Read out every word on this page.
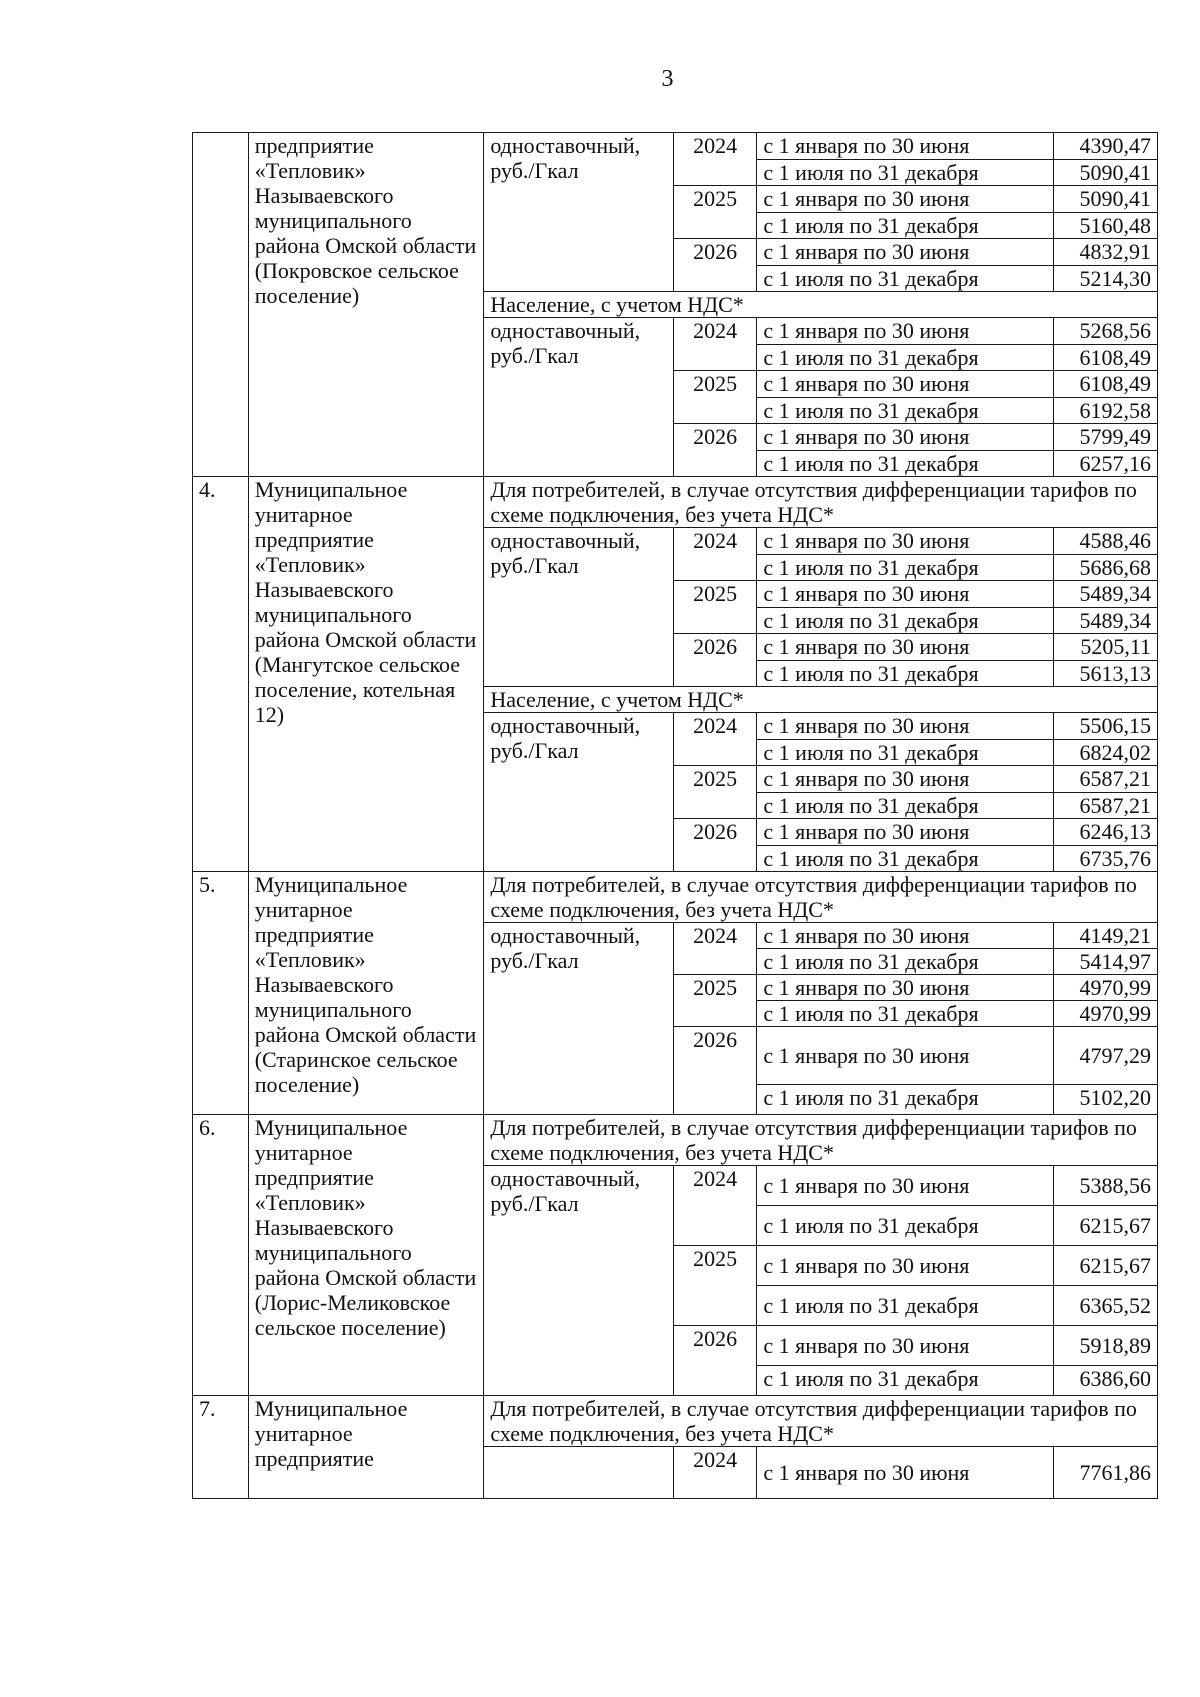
3
	предприятие «Тепловик» Называевского муниципального района Омской области (Покровское сельское поселение)	одноставочный, руб./Гкал	2024	с 1 января по 30 июня	4390,47
				с 1 июля по 31 декабря	5090,41
			2025	с 1 января по 30 июня	5090,41
				с 1 июля по 31 декабря	5160,48
			2026	с 1 января по 30 июня	4832,91
				с 1 июля по 31 декабря	5214,30
		Население, с учетом НДС*			
		одноставочный, руб./Гкал	2024	с 1 января по 30 июня	5268,56
				с 1 июля по 31 декабря	6108,49
			2025	с 1 января по 30 июня	6108,49
				с 1 июля по 31 декабря	6192,58
			2026	с 1 января по 30 июня	5799,49
				с 1 июля по 31 декабря	6257,16
4.	Муниципальное унитарное предприятие «Тепловик» Называевского муниципального района Омской области (Мангутское сельское поселение, котельная 12)	Для потребителей, в случае отсутствия дифференциации тарифов по схеме подключения, без учета НДС*			
		одноставочный, руб./Гкал	2024	с 1 января по 30 июня	4588,46
				с 1 июля по 31 декабря	5686,68
			2025	с 1 января по 30 июня	5489,34
				с 1 июля по 31 декабря	5489,34
			2026	с 1 января по 30 июня	5205,11
				с 1 июля по 31 декабря	5613,13
		Население, с учетом НДС*			
		одноставочный, руб./Гкал	2024	с 1 января по 30 июня	5506,15
				с 1 июля по 31 декабря	6824,02
			2025	с 1 января по 30 июня	6587,21
				с 1 июля по 31 декабря	6587,21
			2026	с 1 января по 30 июня	6246,13
				с 1 июля по 31 декабря	6735,76
5.	Муниципальное унитарное предприятие «Тепловик» Называевского муниципального района Омской области (Старинское сельское поселение)	Для потребителей, в случае отсутствия дифференциации тарифов по схеме подключения, без учета НДС*			
		одноставочный, руб./Гкал	2024	с 1 января по 30 июня	4149,21
				с 1 июля по 31 декабря	5414,97
			2025	с 1 января по 30 июня	4970,99
				с 1 июля по 31 декабря	4970,99
			2026	с 1 января по 30 июня	4797,29
				с 1 июля по 31 декабря	5102,20
6.	Муниципальное унитарное предприятие «Тепловик» Называевского муниципального района Омской области (Лорис-Меликовское сельское поселение)	Для потребителей, в случае отсутствия дифференциации тарифов по схеме подключения, без учета НДС*			
		одноставочный, руб./Гкал	2024	с 1 января по 30 июня	5388,56
				с 1 июля по 31 декабря	6215,67
			2025	с 1 января по 30 июня	6215,67
				с 1 июля по 31 декабря	6365,52
			2026	с 1 января по 30 июня	5918,89
				с 1 июля по 31 декабря	6386,60
7.	Муниципальное унитарное предприятие	Для потребителей, в случае отсутствия дифференциации тарифов по схеме подключения, без учета НДС*			
			2024	с 1 января по 30 июня	7761,86
